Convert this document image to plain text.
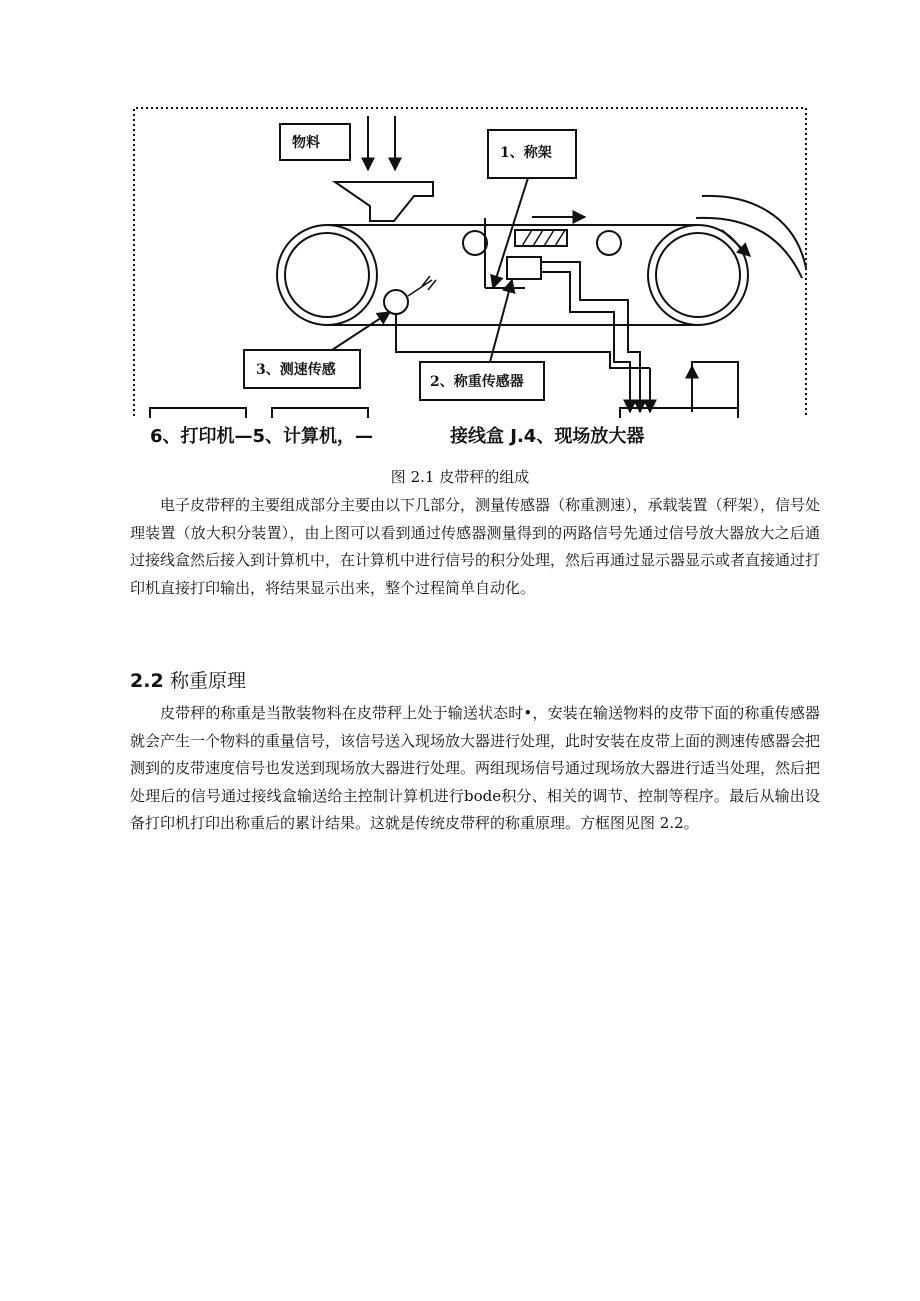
物料
1、称架
3、测速传感
2、称重传感器
6、打印机—5、计算机，—	接线盒 J.4、现场放大器
图 2.1 皮带秤的组成

电子皮带秤的主要组成部分主要由以下几部分，测量传感器（称重测速），承载装置（秤架），信号处理装置（放大积分装置），由上图可以看到通过传感器测量得到的两路信号先通过信号放大器放大之后通过接线盒然后接入到计算机中，在计算机中进行信号的积分处理，然后再通过显示器显示或者直接通过打印机直接打印输出，将结果显示出来，整个过程简单自动化。

2.2 称重原理

皮带秤的称重是当散装物料在皮带秤上处于输送状态时•，安装在输送物料的皮带下面的称重传感器就会产生一个物料的重量信号，该信号送入现场放大器进行处理，此时安装在皮带上面的测速传感器会把测到的皮带速度信号也发送到现场放大器进行处理。两组现场信号通过现场放大器进行适当处理，然后把处理后的信号通过接线盒输送给主控制计算机进行bode积分、相关的调节、控制等程序。最后从输出设备打印机打印出称重后的累计结果。这就是传统皮带秤的称重原理。方框图见图 2.2。
